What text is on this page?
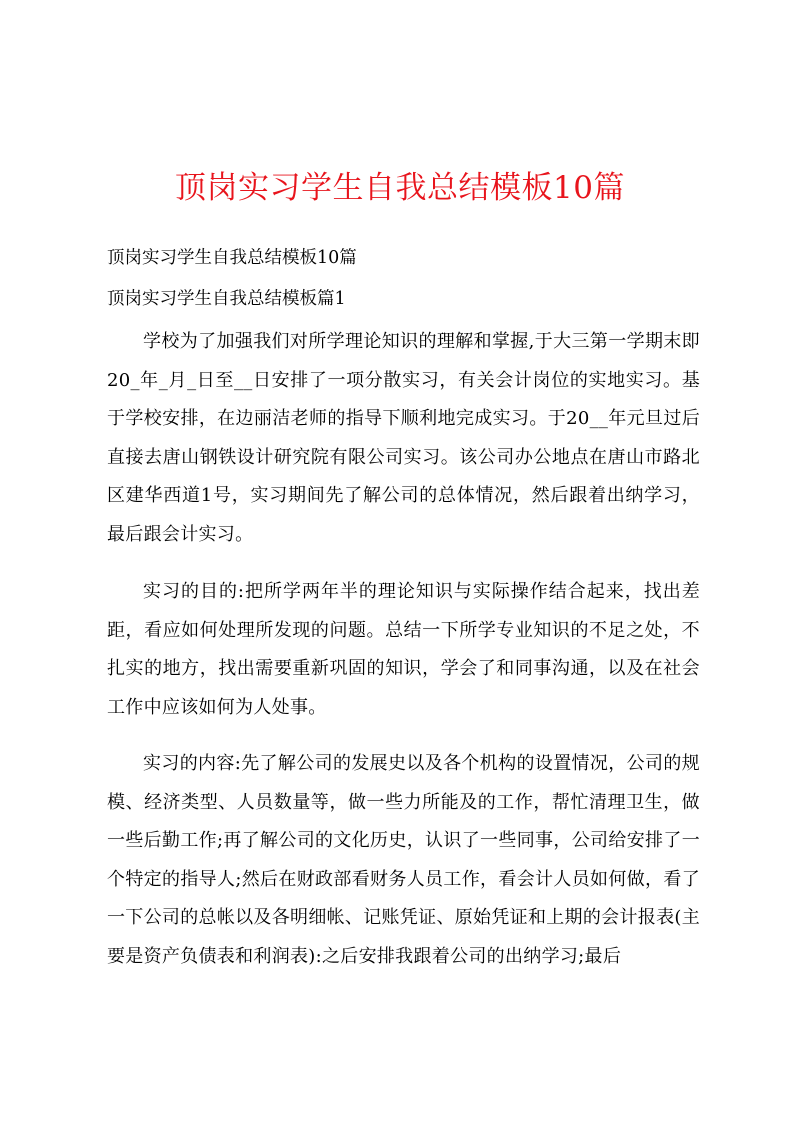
顶岗实习学生自我总结模板10篇

顶岗实习学生自我总结模板10篇

顶岗实习学生自我总结模板篇1

学校为了加强我们对所学理论知识的理解和掌握,于大三第一学期末即20_年_月_日至__日安排了一项分散实习，有关会计岗位的实地实习。基于学校安排，在边丽洁老师的指导下顺利地完成实习。于20__年元旦过后直接去唐山钢铁设计研究院有限公司实习。该公司办公地点在唐山市路北区建华西道1号，实习期间先了解公司的总体情况，然后跟着出纳学习，最后跟会计实习。

实习的目的:把所学两年半的理论知识与实际操作结合起来，找出差距，看应如何处理所发现的问题。总结一下所学专业知识的不足之处，不扎实的地方，找出需要重新巩固的知识，学会了和同事沟通，以及在社会工作中应该如何为人处事。

实习的内容:先了解公司的发展史以及各个机构的设置情况，公司的规模、经济类型、人员数量等，做一些力所能及的工作，帮忙清理卫生，做一些后勤工作;再了解公司的文化历史，认识了一些同事，公司给安排了一个特定的指导人;然后在财政部看财务人员工作，看会计人员如何做，看了一下公司的总帐以及各明细帐、记账凭证、原始凭证和上期的会计报表(主要是资产负债表和利润表):之后安排我跟着公司的出纳学习;最后
